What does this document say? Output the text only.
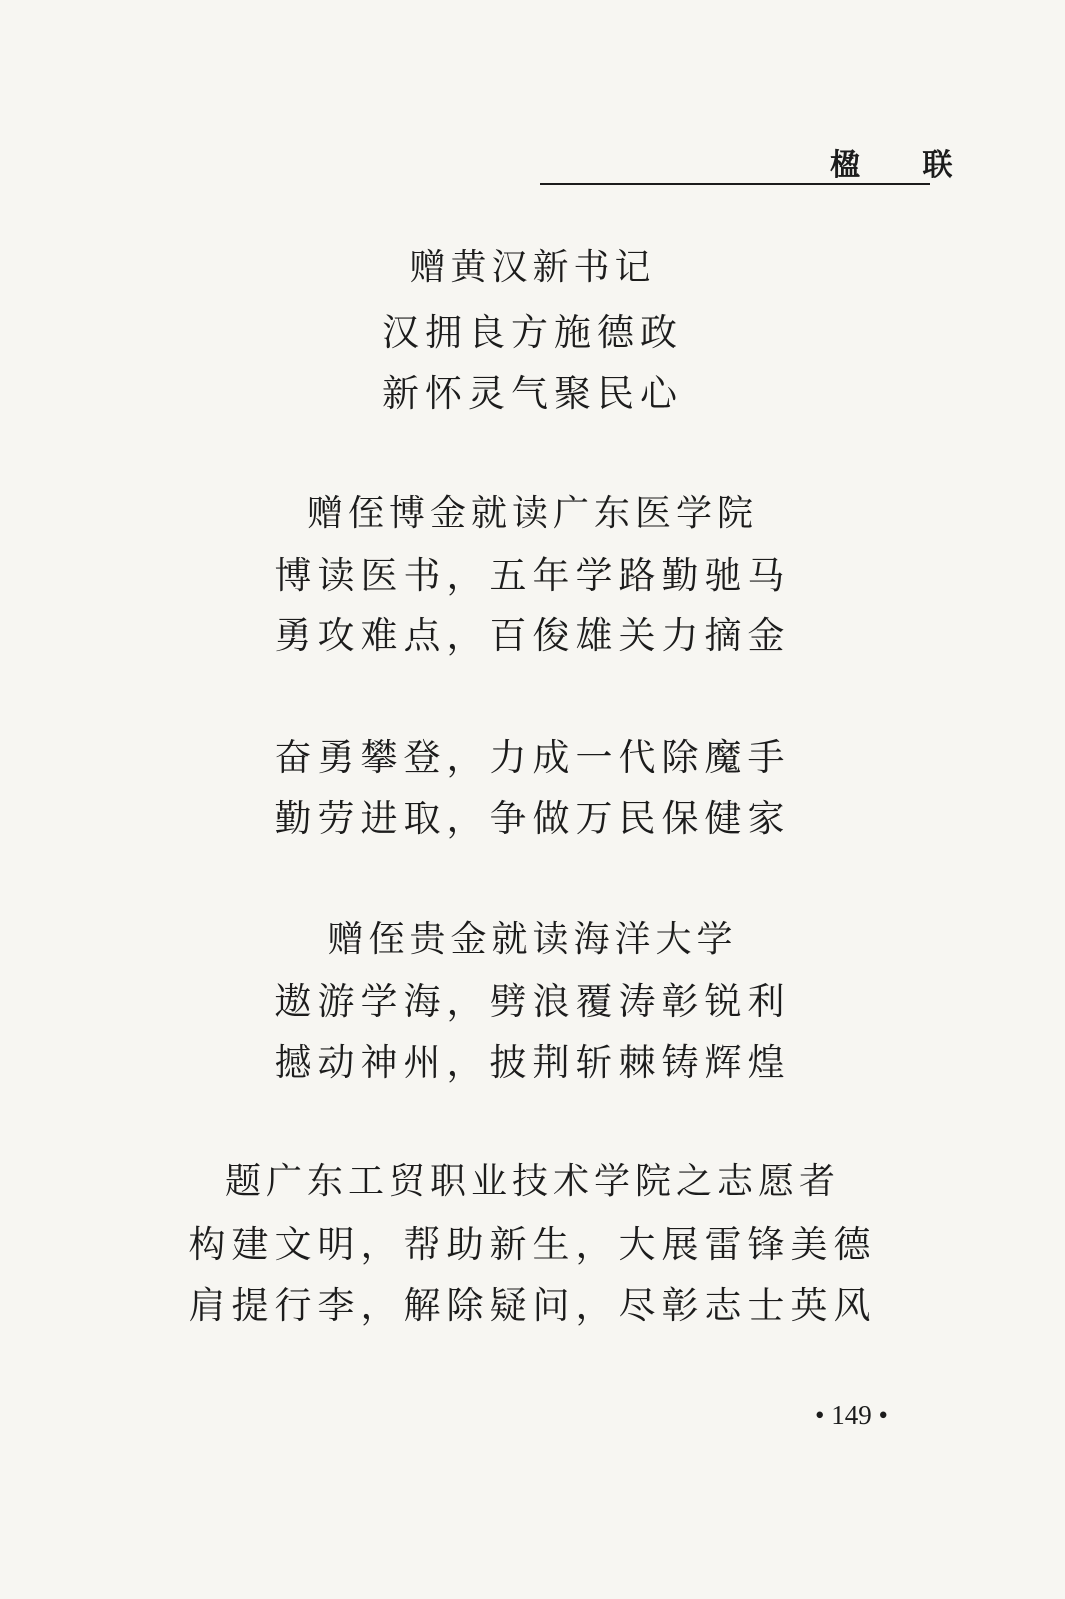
楹 联
赠黄汉新书记
汉拥良方施德政
新怀灵气聚民心
赠侄博金就读广东医学院
博读医书，五年学路勤驰马
勇攻难点，百俊雄关力摘金
奋勇攀登，力成一代除魔手
勤劳进取，争做万民保健家
赠侄贵金就读海洋大学
遨游学海，劈浪覆涛彰锐利
撼动神州，披荆斩棘铸辉煌
题广东工贸职业技术学院之志愿者
构建文明，帮助新生，大展雷锋美德
肩提行李，解除疑问，尽彰志士英风
• 149 •
